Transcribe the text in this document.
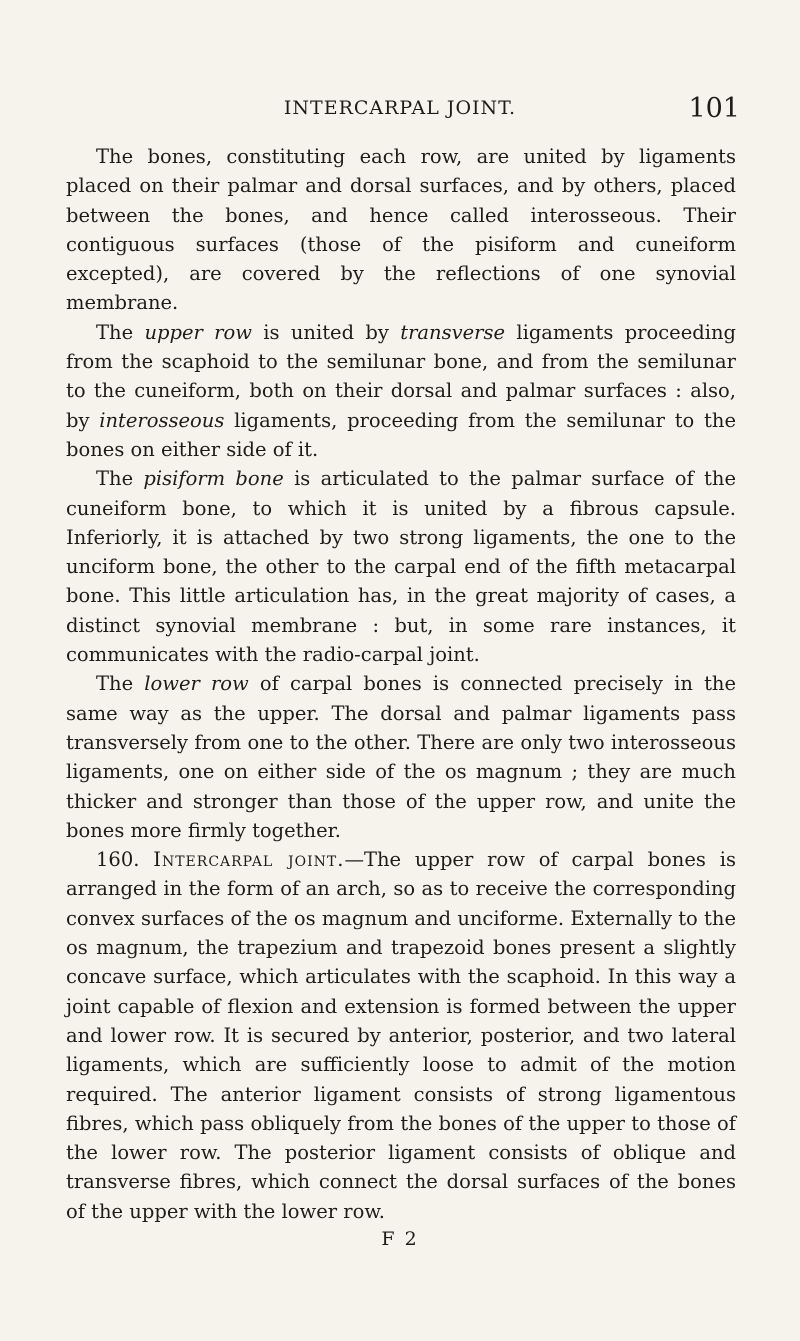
INTERCARPAL JOINT.	101

The bones, constituting each row, are united by ligaments placed on their palmar and dorsal surfaces, and by others, placed between the bones, and hence called interosseous. Their contiguous surfaces (those of the pisiform and cuneiform excepted), are covered by the reflections of one synovial membrane.

The upper row is united by transverse ligaments proceeding from the scaphoid to the semilunar bone, and from the semilunar to the cuneiform, both on their dorsal and palmar surfaces : also, by interosseous ligaments, proceeding from the semilunar to the bones on either side of it.

The pisiform bone is articulated to the palmar surface of the cuneiform bone, to which it is united by a fibrous capsule. Inferiorly, it is attached by two strong ligaments, the one to the unciform bone, the other to the carpal end of the fifth metacarpal bone. This little articulation has, in the great majority of cases, a distinct synovial membrane : but, in some rare instances, it communicates with the radio-carpal joint.

The lower row of carpal bones is connected precisely in the same way as the upper. The dorsal and palmar ligaments pass transversely from one to the other. There are only two interosseous ligaments, one on either side of the os magnum ; they are much thicker and stronger than those of the upper row, and unite the bones more firmly together.

160. Intercarpal joint.—The upper row of carpal bones is arranged in the form of an arch, so as to receive the corresponding convex surfaces of the os magnum and unciforme. Externally to the os magnum, the trapezium and trapezoid bones present a slightly concave surface, which articulates with the scaphoid. In this way a joint capable of flexion and extension is formed between the upper and lower row. It is secured by anterior, posterior, and two lateral ligaments, which are sufficiently loose to admit of the motion required. The anterior ligament consists of strong ligamentous fibres, which pass obliquely from the bones of the upper to those of the lower row. The posterior ligament consists of oblique and transverse fibres, which connect the dorsal surfaces of the bones of the upper with the lower row.

F 2
